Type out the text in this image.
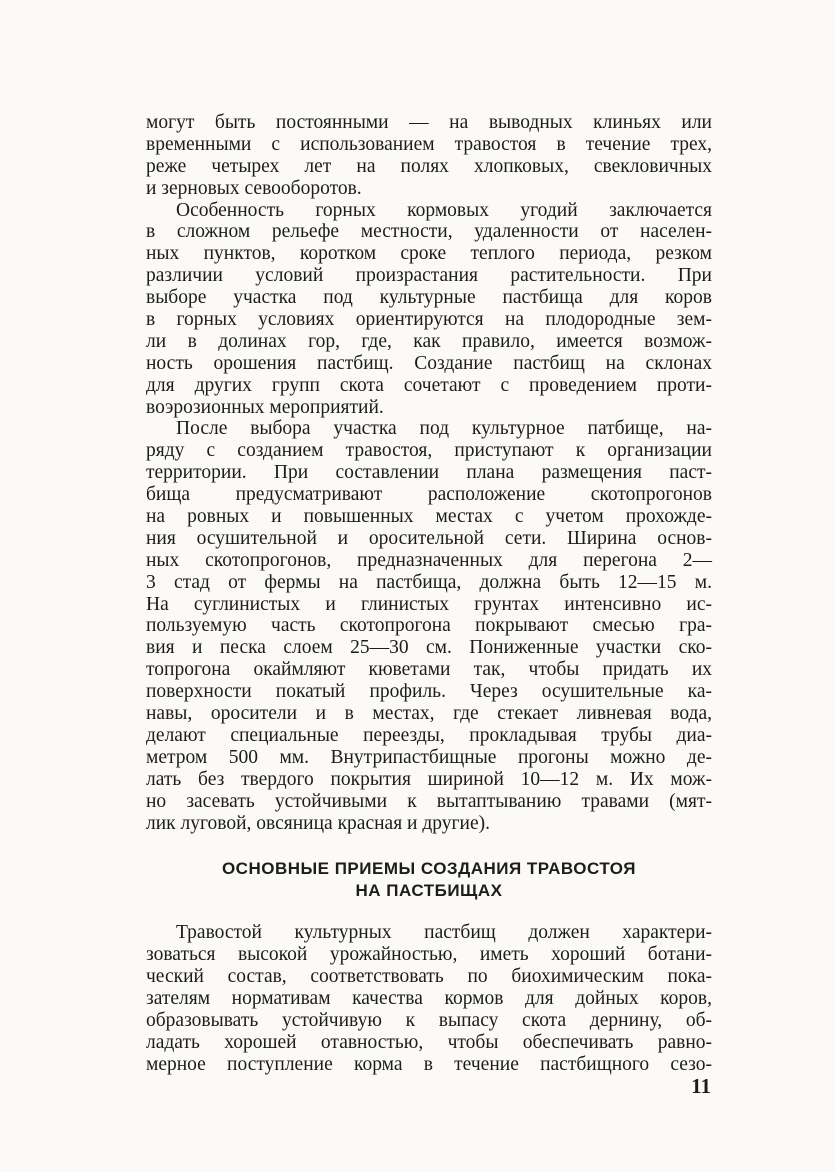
могут быть постоянными — на выводных клиньях или
временными с использованием травостоя в течение трех,
реже четырех лет на полях хлопковых, свекловичных
и зерновых севооборотов.
Особенность горных кормовых угодий заключается
в сложном рельефе местности, удаленности от населен-
ных пунктов, коротком сроке теплого периода, резком
различии условий произрастания растительности. При
выборе участка под культурные пастбища для коров
в горных условиях ориентируются на плодородные зем-
ли в долинах гор, где, как правило, имеется возмож-
ность орошения пастбищ. Создание пастбищ на склонах
для других групп скота сочетают с проведением проти-
воэрозионных мероприятий.
После выбора участка под культурное патбище, на-
ряду с созданием травостоя, приступают к организации
территории. При составлении плана размещения паст-
бища предусматривают расположение скотопрогонов
на ровных и повышенных местах с учетом прохожде-
ния осушительной и оросительной сети. Ширина основ-
ных скотопрогонов, предназначенных для перегона 2—
3 стад от фермы на пастбища, должна быть 12—15 м.
На суглинистых и глинистых грунтах интенсивно ис-
пользуемую часть скотопрогона покрывают смесью гра-
вия и песка слоем 25—30 см. Пониженные участки ско-
топрогона окаймляют кюветами так, чтобы придать их
поверхности покатый профиль. Через осушительные ка-
навы, оросители и в местах, где стекает ливневая вода,
делают специальные переезды, прокладывая трубы диа-
метром 500 мм. Внутрипастбищные прогоны можно де-
лать без твердого покрытия шириной 10—12 м. Их мож-
но засевать устойчивыми к вытаптыванию травами (мят-
лик луговой, овсяница красная и другие).
ОСНОВНЫЕ ПРИЕМЫ СОЗДАНИЯ ТРАВОСТОЯ
НА ПАСТБИЩАХ
Травостой культурных пастбищ должен характери-
зоваться высокой урожайностью, иметь хороший ботани-
ческий состав, соответствовать по биохимическим пока-
зателям нормативам качества кормов для дойных коров,
образовывать устойчивую к выпасу скота дернину, об-
ладать хорошей отавностью, чтобы обеспечивать равно-
мерное поступление корма в течение пастбищного сезо-
11
